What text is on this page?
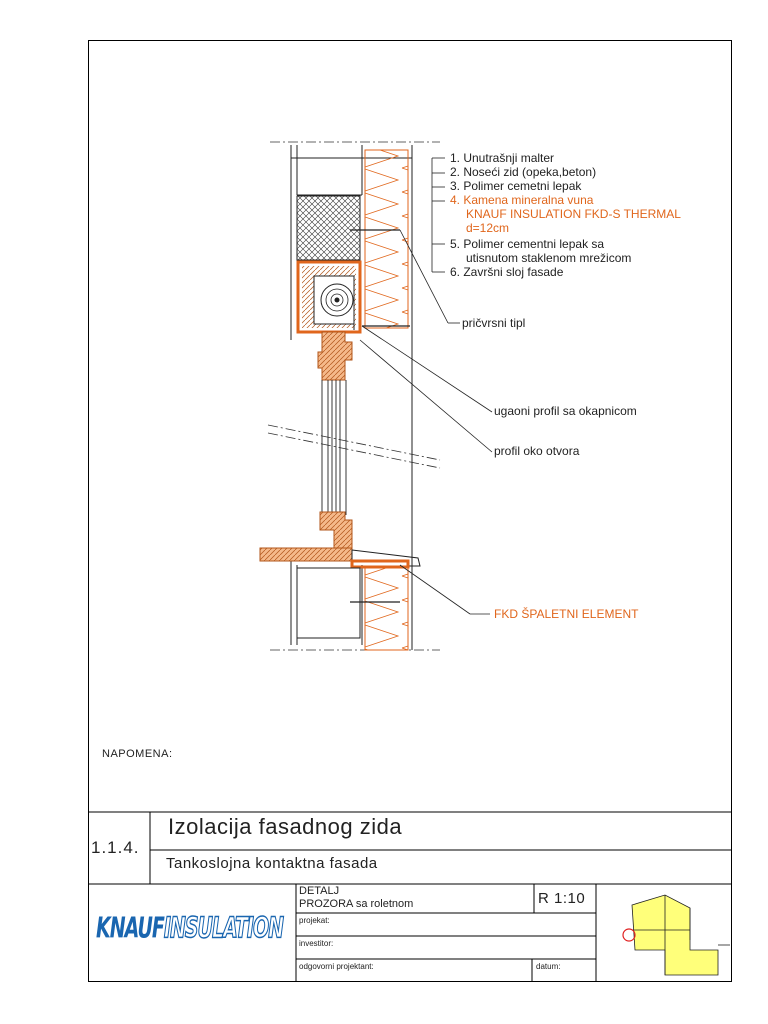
1. Unutrašnji malter
2. Noseći zid (opeka,beton)
3. Polimer cemetni lepak
4. Kamena mineralna vuna
KNAUF INSULATION FKD-S THERMAL
d=12cm
5. Polimer cementni lepak sa
utisnutom staklenom mrežicom
6. Završni sloj fasade
pričvrsni tipl
ugaoni profil sa okapnicom
profil oko otvora
FKD ŠPALETNI ELEMENT
NAPOMENA:
1.1.4.
Izolacija fasadnog zida
Tankoslojna kontaktna fasada
KNAUFINSULATION
DETALJ
PROZORA sa roletnom	R 1:10
projekat:
investitor:
odgovorni projektant:	datum:
